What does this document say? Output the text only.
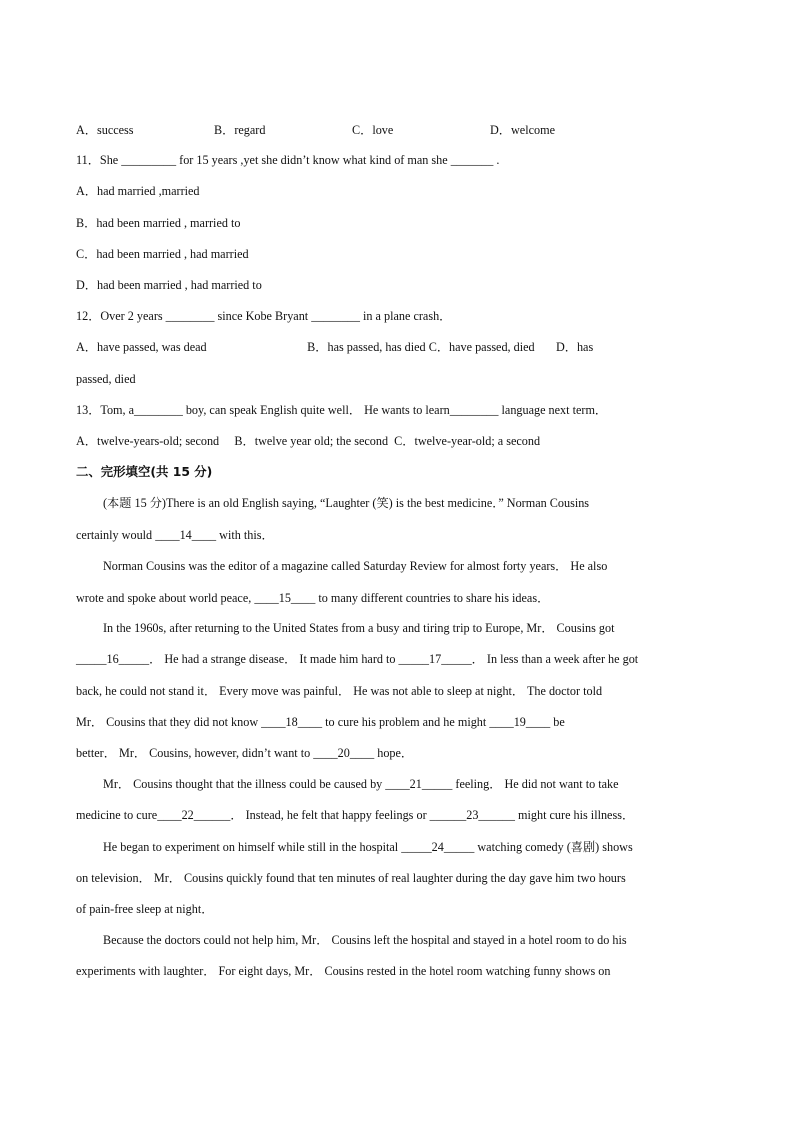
A．success	B．regard	C．love	D．welcome
11．She _________ for 15 years ,yet she didn’t know what kind of man she _______ .
A．had married ,married
B．had been married , married to
C．had been married , had married
D．had been married , had married to
12．Over 2 years ________ since Kobe Bryant ________ in a plane crash．
A．have passed, was dead                                 B．has passed, has died C．have passed, died       D．has
passed, died
13．Tom, a________ boy, can speak English quite well． He wants to learn________ language next term．
A．twelve-years-old; second     B．twelve year old; the second  C．twelve-year-old; a second
二、完形填空(共 15 分)
(本题 15 分)There is an old English saying, “Laughter (笑) is the best medicine．” Norman Cousins
certainly would ____14____ with this．
Norman Cousins was the editor of a magazine called Saturday Review for almost forty years． He also
wrote and spoke about world peace, ____15____ to many different countries to share his ideas．
In the 1960s, after returning to the United States from a busy and tiring trip to Europe, Mr． Cousins got
_____16_____． He had a strange disease． It made him hard to _____17_____． In less than a week after he got
back, he could not stand it． Every move was painful． He was not able to sleep at night． The doctor told
Mr． Cousins that they did not know ____18____ to cure his problem and he might ____19____ be
better． Mr． Cousins, however, didn’t want to ____20____ hope．
Mr． Cousins thought that the illness could be caused by ____21_____ feeling． He did not want to take
medicine to cure____22______． Instead, he felt that happy feelings or ______23______ might cure his illness．
He began to experiment on himself while still in the hospital _____24_____ watching comedy (喜剧) shows
on television． Mr． Cousins quickly found that ten minutes of real laughter during the day gave him two hours
of pain-free sleep at night．
Because the doctors could not help him, Mr． Cousins left the hospital and stayed in a hotel room to do his
experiments with laughter． For eight days, Mr． Cousins rested in the hotel room watching funny shows on
